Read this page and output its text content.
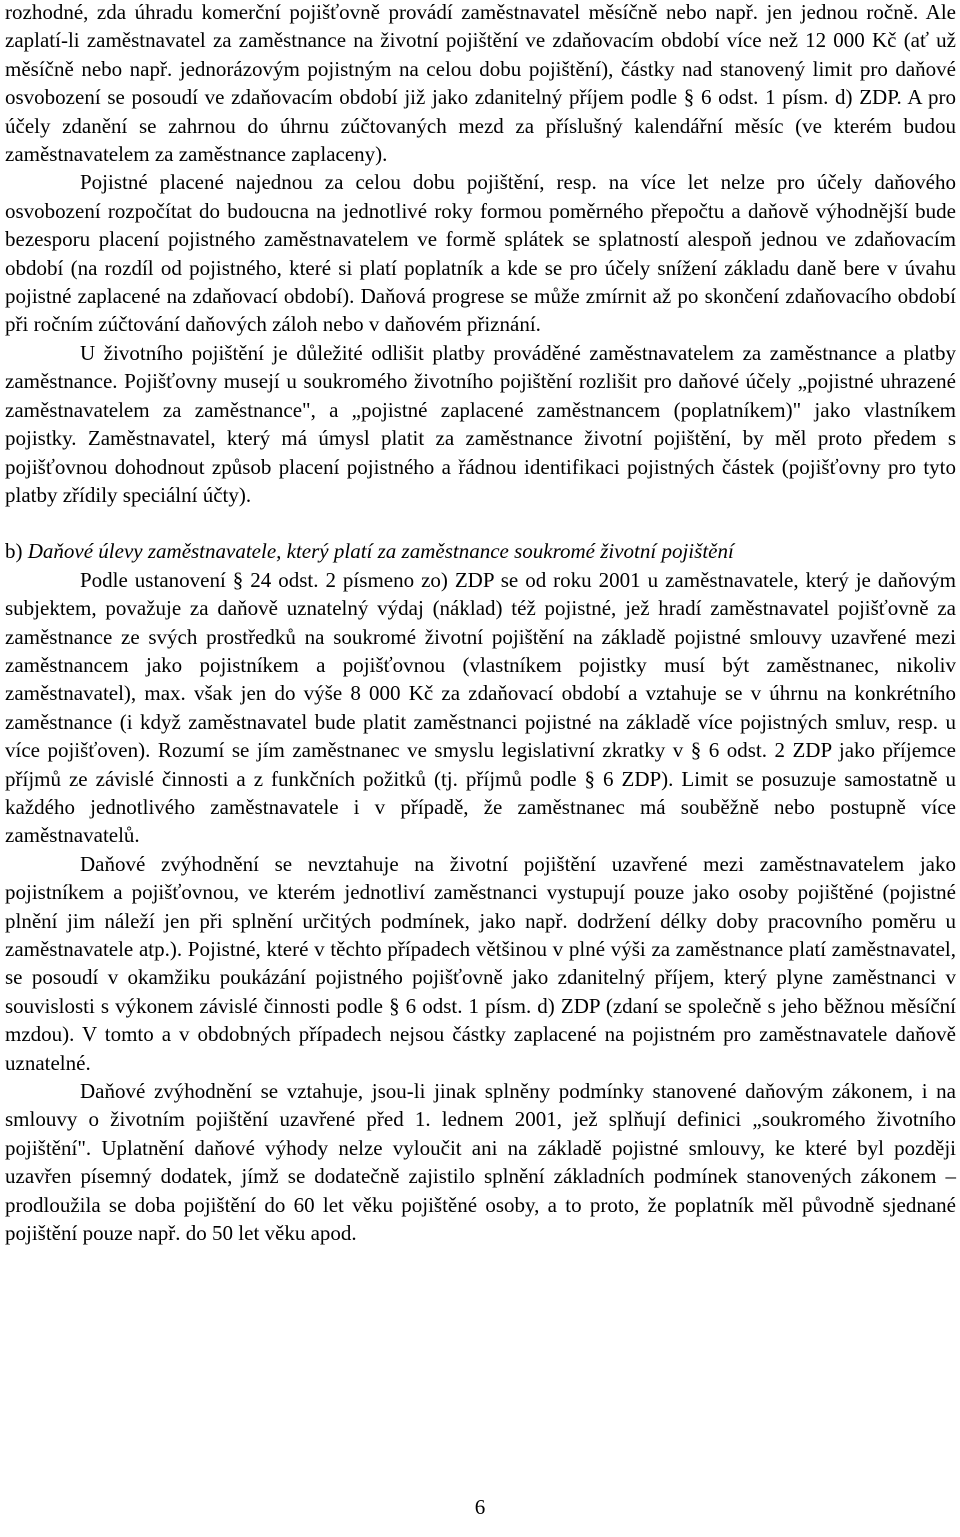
rozhodné, zda úhradu komerční pojišťovně provádí zaměstnavatel měsíčně nebo např. jen jednou ročně. Ale zaplatí-li zaměstnavatel za zaměstnance na životní pojištění ve zdaňovacím období více než 12 000 Kč (ať už měsíčně nebo např. jednorázovým pojistným na celou dobu pojištění), částky nad stanovený limit pro daňové osvobození se posoudí ve zdaňovacím období již jako zdanitelný příjem podle § 6 odst. 1 písm. d) ZDP. A pro účely zdanění se zahrnou do úhrnu zúčtovaných mezd za příslušný kalendářní měsíc (ve kterém budou zaměstnavatelem za zaměstnance zaplaceny).

Pojistné placené najednou za celou dobu pojištění, resp. na více let nelze pro účely daňového osvobození rozpočítat do budoucna na jednotlivé roky formou poměrného přepočtu a daňově výhodnější bude bezesporu placení pojistného zaměstnavatelem ve formě splátek se splatností alespoň jednou ve zdaňovacím období (na rozdíl od pojistného, které si platí poplatník a kde se pro účely snížení základu daně bere v úvahu pojistné zaplacené na zdaňovací období). Daňová progrese se může zmírnit až po skončení zdaňovacího období při ročním zúčtování daňových záloh nebo v daňovém přiznání.

U životního pojištění je důležité odlišit platby prováděné zaměstnavatelem za zaměstnance a platby zaměstnance. Pojišťovny musejí u soukromého životního pojištění rozlišit pro daňové účely „pojistné uhrazené zaměstnavatelem za zaměstnance", a „pojistné zaplacené zaměstnancem (poplatníkem)" jako vlastníkem pojistky. Zaměstnavatel, který má úmysl platit za zaměstnance životní pojištění, by měl proto předem s pojišťovnou dohodnout způsob placení pojistného a řádnou identifikaci pojistných částek (pojišťovny pro tyto platby zřídily speciální účty).

b) Daňové úlevy zaměstnavatele, který platí za zaměstnance soukromé životní pojištění

Podle ustanovení § 24 odst. 2 písmeno zo) ZDP se od roku 2001 u zaměstnavatele, který je daňovým subjektem, považuje za daňově uznatelný výdaj (náklad) též pojistné, jež hradí zaměstnavatel pojišťovně za zaměstnance ze svých prostředků na soukromé životní pojištění na základě pojistné smlouvy uzavřené mezi zaměstnancem jako pojistníkem a pojišťovnou (vlastníkem pojistky musí být zaměstnanec, nikoliv zaměstnavatel), max. však jen do výše 8 000 Kč za zdaňovací období a vztahuje se v úhrnu na konkrétního zaměstnance (i když zaměstnavatel bude platit zaměstnanci pojistné na základě více pojistných smluv, resp. u více pojišťoven). Rozumí se jím zaměstnanec ve smyslu legislativní zkratky v § 6 odst. 2 ZDP jako příjemce příjmů ze závislé činnosti a z funkčních požitků (tj. příjmů podle § 6 ZDP). Limit se posuzuje samostatně u každého jednotlivého zaměstnavatele i v případě, že zaměstnanec má souběžně nebo postupně více zaměstnavatelů.

Daňové zvýhodnění se nevztahuje na životní pojištění uzavřené mezi zaměstnavatelem jako pojistníkem a pojišťovnou, ve kterém jednotliví zaměstnanci vystupují pouze jako osoby pojištěné (pojistné plnění jim náleží jen při splnění určitých podmínek, jako např. dodržení délky doby pracovního poměru u zaměstnavatele atp.). Pojistné, které v těchto případech většinou v plné výši za zaměstnance platí zaměstnavatel, se posoudí v okamžiku poukázání pojistného pojišťovně jako zdanitelný příjem, který plyne zaměstnanci v souvislosti s výkonem závislé činnosti podle § 6 odst. 1 písm. d) ZDP (zdaní se společně s jeho běžnou měsíční mzdou). V tomto a v obdobných případech nejsou částky zaplacené na pojistném pro zaměstnavatele daňově uznatelné.

Daňové zvýhodnění se vztahuje, jsou-li jinak splněny podmínky stanovené daňovým zákonem, i na smlouvy o životním pojištění uzavřené před 1. lednem 2001, jež splňují definici „soukromého životního pojištění". Uplatnění daňové výhody nelze vyloučit ani na základě pojistné smlouvy, ke které byl později uzavřen písemný dodatek, jímž se dodatečně zajistilo splnění základních podmínek stanovených zákonem – prodloužila se doba pojištění do 60 let věku pojištěné osoby, a to proto, že poplatník měl původně sjednané pojištění pouze např. do 50 let věku apod.

6
